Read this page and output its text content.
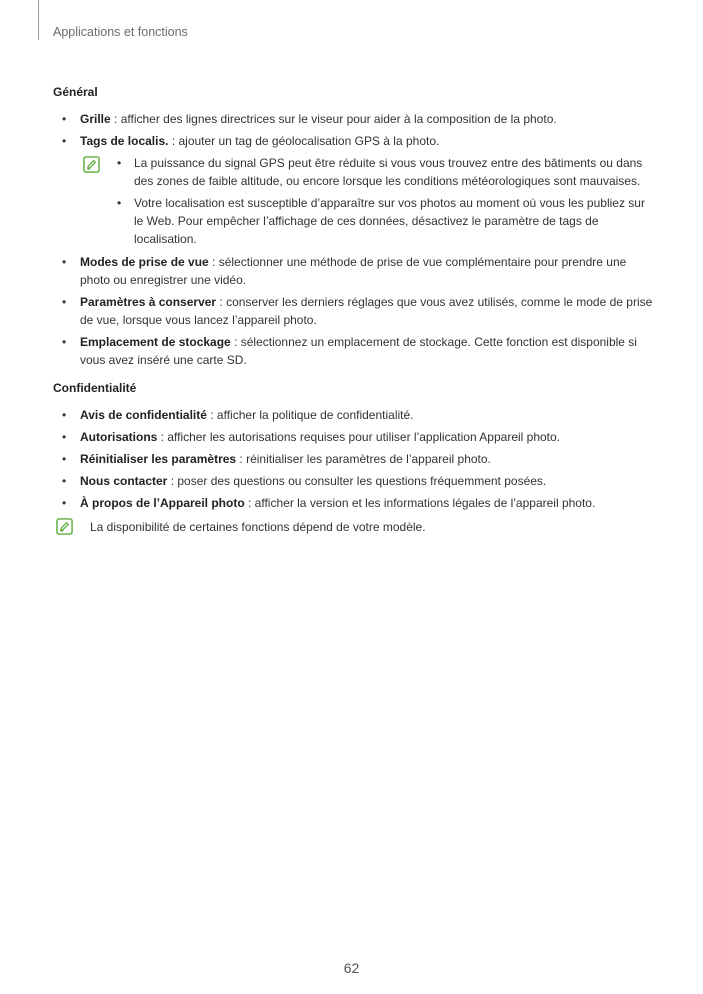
Applications et fonctions
Général
• Grille : afficher des lignes directrices sur le viseur pour aider à la composition de la photo.
• Tags de localis. : ajouter un tag de géolocalisation GPS à la photo.
• La puissance du signal GPS peut être réduite si vous vous trouvez entre des bâtiments ou dans des zones de faible altitude, ou encore lorsque les conditions météorologiques sont mauvaises.
• Votre localisation est susceptible d’apparaître sur vos photos au moment où vous les publiez sur le Web. Pour empêcher l’affichage de ces données, désactivez le paramètre de tags de localisation.
• Modes de prise de vue : sélectionner une méthode de prise de vue complémentaire pour prendre une photo ou enregistrer une vidéo.
• Paramètres à conserver : conserver les derniers réglages que vous avez utilisés, comme le mode de prise de vue, lorsque vous lancez l’appareil photo.
• Emplacement de stockage : sélectionnez un emplacement de stockage. Cette fonction est disponible si vous avez inséré une carte SD.
Confidentialité
• Avis de confidentialité : afficher la politique de confidentialité.
• Autorisations : afficher les autorisations requises pour utiliser l’application Appareil photo.
• Réinitialiser les paramètres : réinitialiser les paramètres de l’appareil photo.
• Nous contacter : poser des questions ou consulter les questions fréquemment posées.
• À propos de l’Appareil photo : afficher la version et les informations légales de l’appareil photo.
La disponibilité de certaines fonctions dépend de votre modèle.
62
